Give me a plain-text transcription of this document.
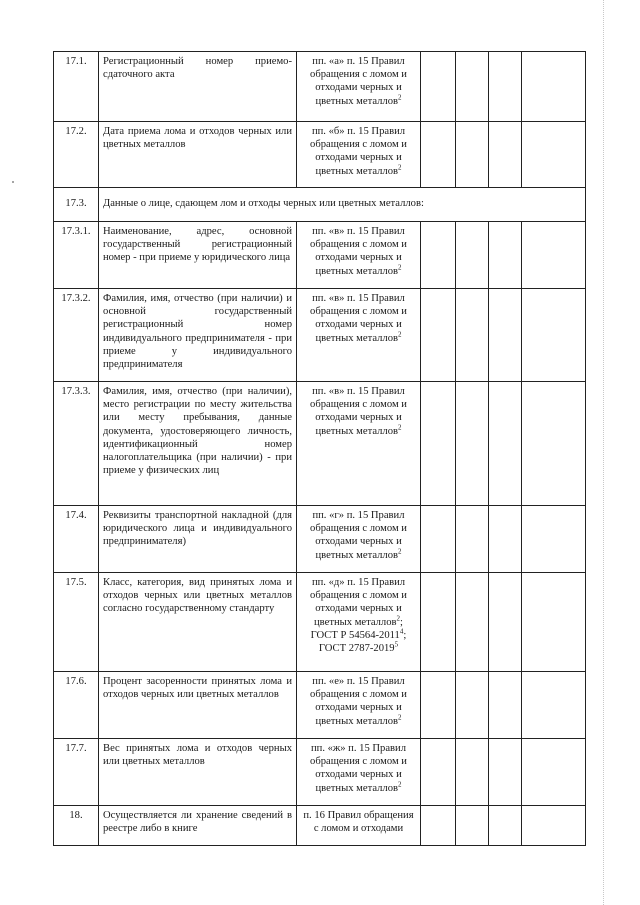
17.1.	Регистрационный номер приемо-сдаточного акта	пп. «а» п. 15 Правил обращения с ломом и отходами черных и цветных металлов$^2$				
17.2.	Дата приема лома и отходов черных или цветных металлов	пп. «б» п. 15 Правил обращения с ломом и отходами черных и цветных металлов$^2$				
17.3.	Данные о лице, сдающем лом и отходы черных или цветных металлов:					
17.3.1.	Наименование, адрес, основной государственный регистрационный номер - при приеме у юридического лица	пп. «в» п. 15 Правил обращения с ломом и отходами черных и цветных металлов$^2$				
17.3.2.	Фамилия, имя, отчество (при наличии) и основной государственный регистрационный номер индивидуального предпринимателя - при приеме у индивидуального предпринимателя	пп. «в» п. 15 Правил обращения с ломом и отходами черных и цветных металлов$^2$				
17.3.3.	Фамилия, имя, отчество (при наличии), место регистрации по месту жительства или месту пребывания, данные документа, удостоверяющего личность, идентификационный номер налогоплательщика (при наличии) - при приеме у физических лиц	пп. «в» п. 15 Правил обращения с ломом и отходами черных и цветных металлов$^2$				
17.4.	Реквизиты транспортной накладной (для юридического лица и индивидуального предпринимателя)	пп. «г» п. 15 Правил обращения с ломом и отходами черных и цветных металлов$^2$				
17.5.	Класс, категория, вид принятых лома и отходов черных или цветных металлов согласно государственному стандарту	пп. «д» п. 15 Правил обращения с ломом и отходами черных и цветных металлов$^2$;
ГОСТ Р 54564-2011$^4$;
ГОСТ 2787-2019$^5$				
17.6.	Процент засоренности принятых лома и отходов черных или цветных металлов	пп. «е» п. 15 Правил обращения с ломом и отходами черных и цветных металлов$^2$				
17.7.	Вес принятых лома и отходов черных или цветных металлов	пп. «ж» п. 15 Правил обращения с ломом и отходами черных и цветных металлов$^2$				
18.	Осуществляется ли хранение сведений в реестре либо в книге	п. 16 Правил обращения с ломом и отходами				
